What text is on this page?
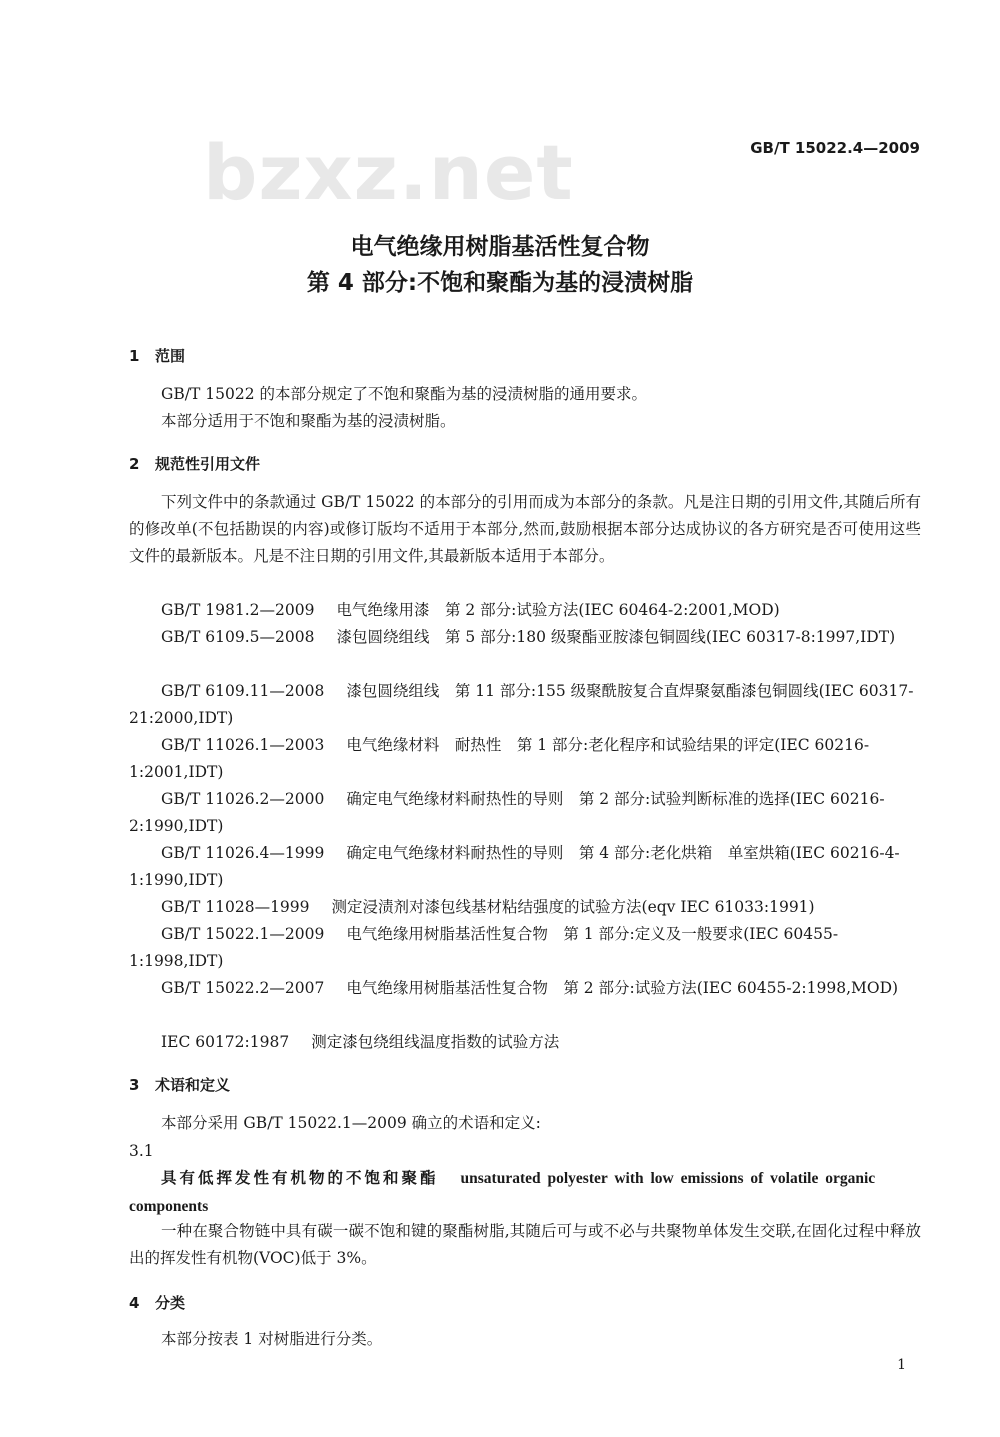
bzxz.net	GB/T 15022.4—2009
电气绝缘用树脂基活性复合物
第 4 部分:不饱和聚酯为基的浸渍树脂
1 范围
GB/T 15022 的本部分规定了不饱和聚酯为基的浸渍树脂的通用要求。
本部分适用于不饱和聚酯为基的浸渍树脂。
2 规范性引用文件
下列文件中的条款通过 GB/T 15022 的本部分的引用而成为本部分的条款。凡是注日期的引用文件,其随后所有的修改单(不包括勘误的内容)或修订版均不适用于本部分,然而,鼓励根据本部分达成协议的各方研究是否可使用这些文件的最新版本。凡是不注日期的引用文件,其最新版本适用于本部分。
GB/T 1981.2—2009 电气绝缘用漆　第 2 部分:试验方法(IEC 60464-2:2001,MOD)
GB/T 6109.5—2008 漆包圆绕组线　第 5 部分:180 级聚酯亚胺漆包铜圆线(IEC 60317-8:1997,IDT)
GB/T 6109.11—2008 漆包圆绕组线　第 11 部分:155 级聚酰胺复合直焊聚氨酯漆包铜圆线(IEC 60317-21:2000,IDT)
GB/T 11026.1—2003 电气绝缘材料　耐热性　第 1 部分:老化程序和试验结果的评定(IEC 60216-1:2001,IDT)
GB/T 11026.2—2000 确定电气绝缘材料耐热性的导则　第 2 部分:试验判断标准的选择(IEC 60216-2:1990,IDT)
GB/T 11026.4—1999 确定电气绝缘材料耐热性的导则　第 4 部分:老化烘箱　单室烘箱(IEC 60216-4-1:1990,IDT)
GB/T 11028—1999 测定浸渍剂对漆包线基材粘结强度的试验方法(eqv IEC 61033:1991)
GB/T 15022.1—2009 电气绝缘用树脂基活性复合物　第 1 部分:定义及一般要求(IEC 60455-1:1998,IDT)
GB/T 15022.2—2007 电气绝缘用树脂基活性复合物　第 2 部分:试验方法(IEC 60455-2:1998,MOD)
IEC 60172:1987 测定漆包绕组线温度指数的试验方法
3 术语和定义
本部分采用 GB/T 15022.1—2009 确立的术语和定义:
3.1
具有低挥发性有机物的不饱和聚酯 unsaturated polyester with low emissions of volatile organic components
一种在聚合物链中具有碳一碳不饱和键的聚酯树脂,其随后可与或不必与共聚物单体发生交联,在固化过程中释放出的挥发性有机物(VOC)低于 3%。
4 分类
本部分按表 1 对树脂进行分类。
1
